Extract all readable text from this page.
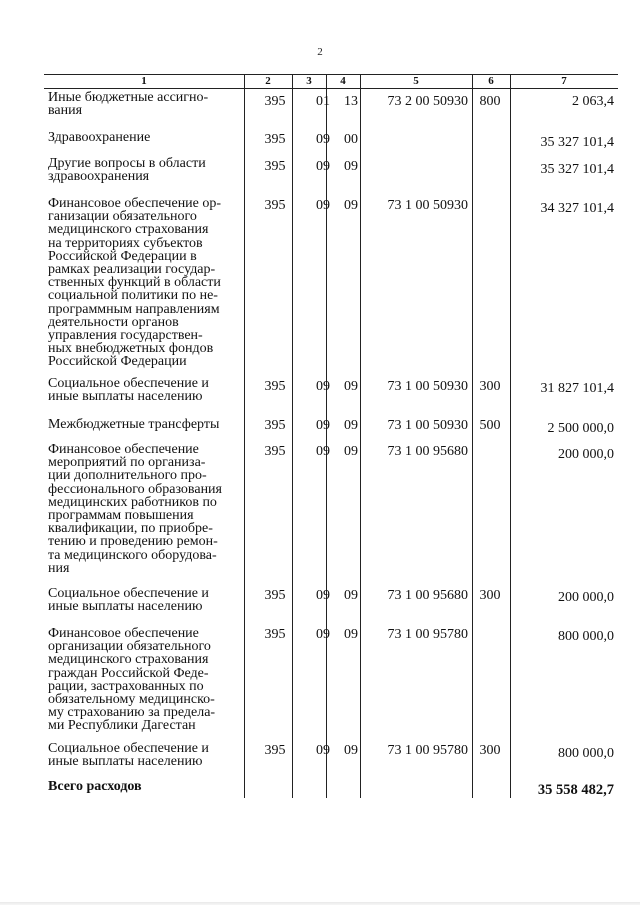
2
1	2	3	4	5	6	7
Иные бюджетные ассигно-
вания
395	01	13	73 2 00 50930 800	2 063,4
Здравоохранение	395	09	00	35 327 101,4
Другие вопросы в области
здравоохранения
395	09	09	35 327 101,4
Финансовое обеспечение ор-
ганизации обязательного
медицинского страхования
на территориях субъектов
Российской Федерации в
рамках реализации государ-
ственных функций в области
социальной политики по не-
программным направлениям
деятельности органов
управления государствен-
ных внебюджетных фондов
Российской Федерации
395	09	09	73 1 00 50930	34 327 101,4
Социальное обеспечение и
иные выплаты населению
395	09	09	73 1 00 50930 300	31 827 101,4
Межбюджетные трансферты	395	09	09	73 1 00 50930 500	2 500 000,0
Финансовое обеспечение
мероприятий по организа-
ции дополнительного про-
фессионального образования
медицинских работников по
программам повышения
квалификации, по приобре-
тению и проведению ремон-
та медицинского оборудова-
ния
395	09	09	73 1 00 95680	200 000,0
Социальное обеспечение и
иные выплаты населению
395	09	09	73 1 00 95680 300	200 000,0
Финансовое обеспечение
организации обязательного
медицинского страхования
граждан Российской Феде-
рации, застрахованных по
обязательному медицинско-
му страхованию за предела-
ми Республики Дагестан
395	09	09	73 1 00 95780	800 000,0
Социальное обеспечение и
иные выплаты населению
395	09	09	73 1 00 95780 300	800 000,0
Всего расходов	35 558 482,7
